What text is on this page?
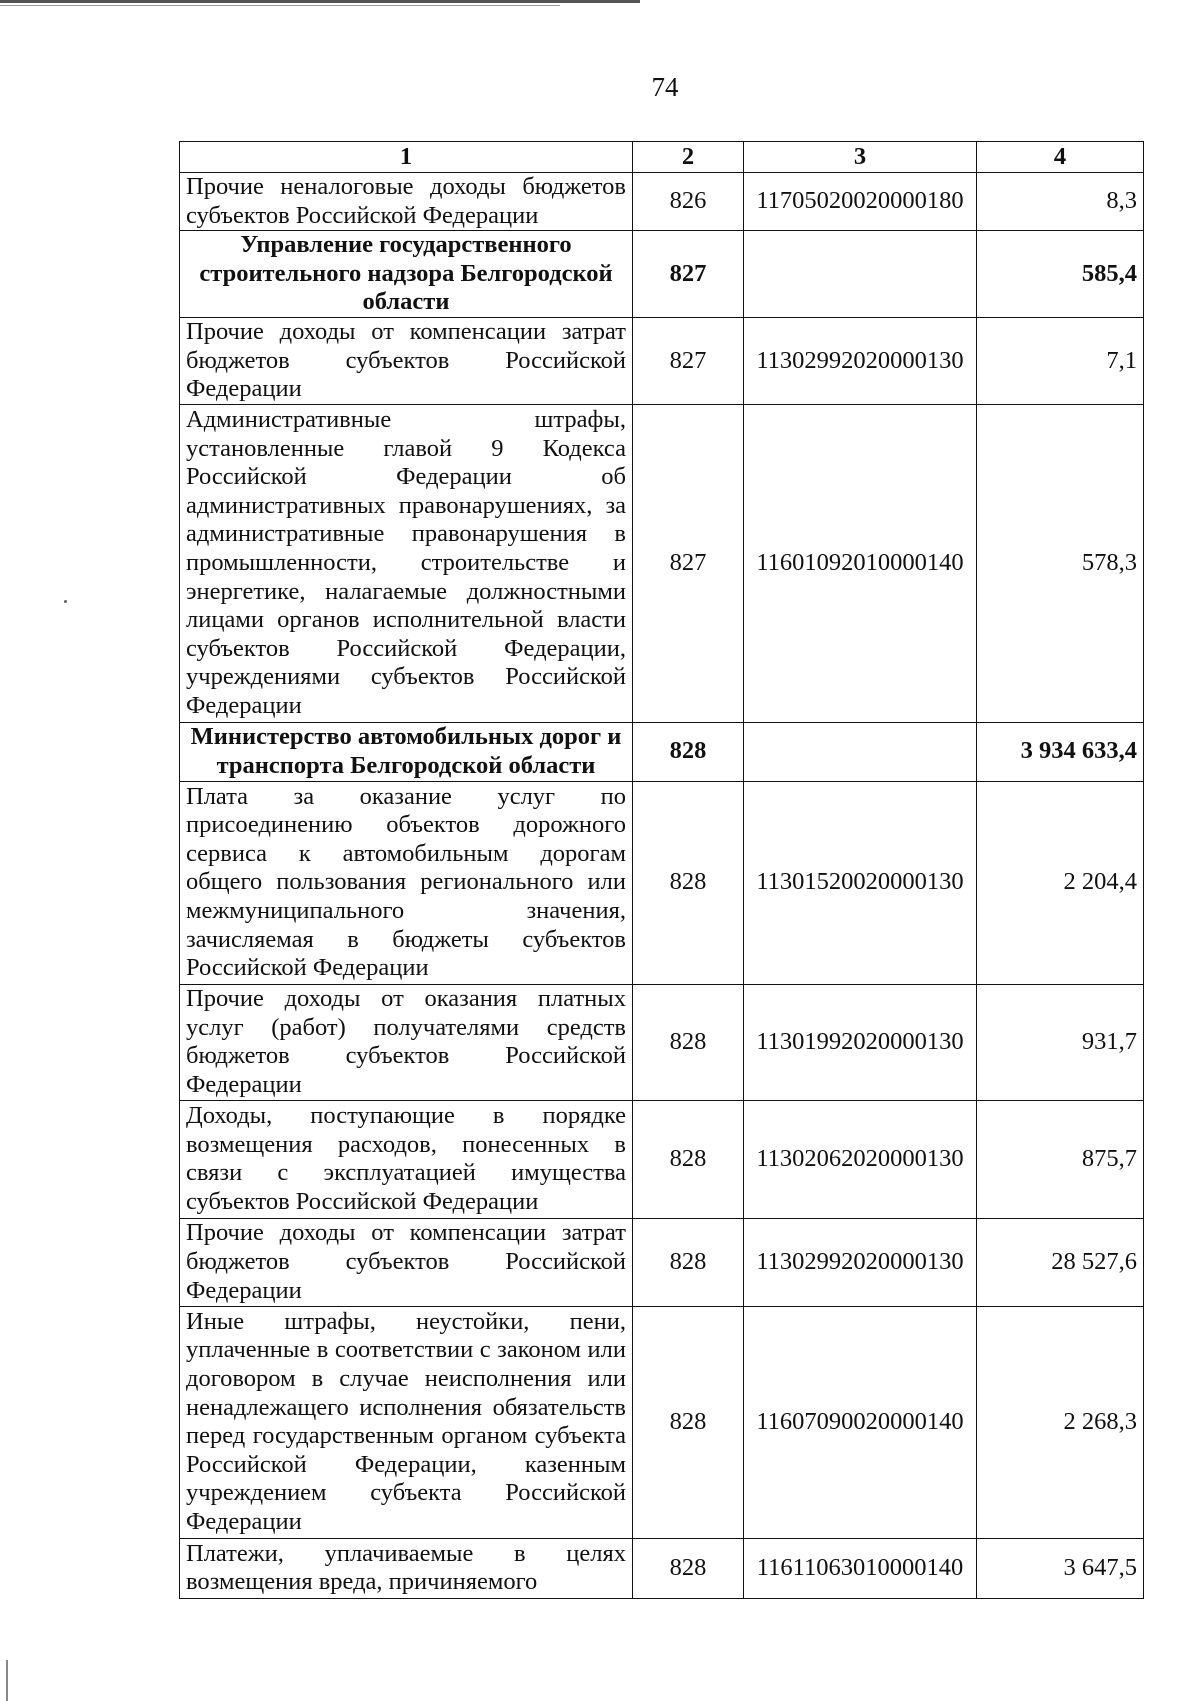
74
1	2	3	4
Прочие неналоговые доходы бюджетов субъектов Российской Федерации	826	11705020020000180	8,3
Управление государственного строительного надзора Белгородской области	827		585,4
Прочие доходы от компенсации затрат бюджетов субъектов Российской Федерации	827	11302992020000130	7,1
Административные штрафы, установленные главой 9 Кодекса Российской Федерации об административных правонарушениях, за административные правонарушения в промышленности, строительстве и энергетике, налагаемые должностными лицами органов исполнительной власти субъектов Российской Федерации, учреждениями субъектов Российской Федерации	827	11601092010000140	578,3
Министерство автомобильных дорог и транспорта Белгородской области	828		3 934 633,4
Плата за оказание услуг по присоединению объектов дорожного сервиса к автомобильным дорогам общего пользования регионального или межмуниципального значения, зачисляемая в бюджеты субъектов Российской Федерации	828	11301520020000130	2 204,4
Прочие доходы от оказания платных услуг (работ) получателями средств бюджетов субъектов Российской Федерации	828	11301992020000130	931,7
Доходы, поступающие в порядке возмещения расходов, понесенных в связи с эксплуатацией имущества субъектов Российской Федерации	828	11302062020000130	875,7
Прочие доходы от компенсации затрат бюджетов субъектов Российской Федерации	828	11302992020000130	28 527,6
Иные штрафы, неустойки, пени, уплаченные в соответствии с законом или договором в случае неисполнения или ненадлежащего исполнения обязательств перед государственным органом субъекта Российской Федерации, казенным учреждением субъекта Российской Федерации	828	11607090020000140	2 268,3
Платежи, уплачиваемые в целях возмещения вреда, причиняемого	828	11611063010000140	3 647,5
